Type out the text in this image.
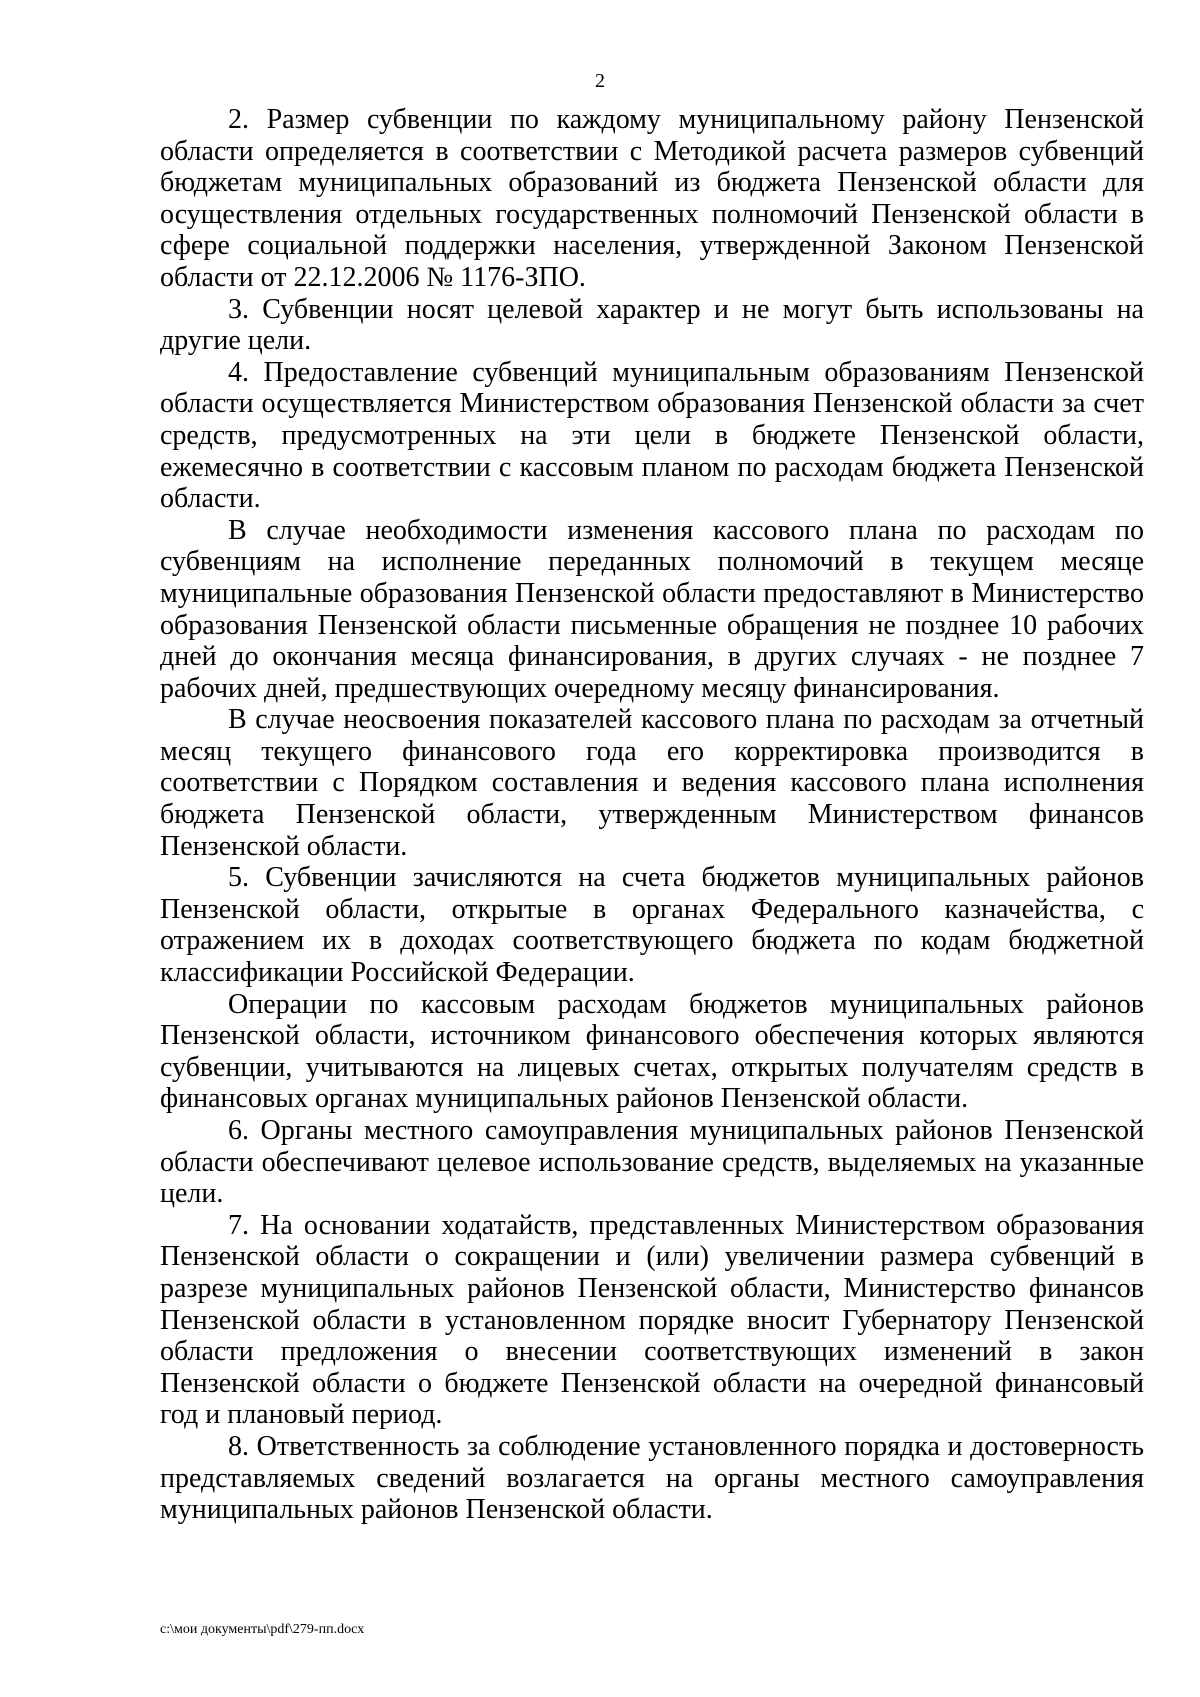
2

2. Размер субвенции по каждому муниципальному району Пензенской области определяется в соответствии с Методикой расчета размеров субвенций бюджетам муниципальных образований из бюджета Пензенской области для осуществления отдельных государственных полномочий Пензенской области в сфере социальной поддержки населения, утвержденной Законом Пензенской области от 22.12.2006 № 1176-ЗПО.

3. Субвенции носят целевой характер и не могут быть использованы на другие цели.

4. Предоставление субвенций муниципальным образованиям Пензенской области осуществляется Министерством образования Пензенской области за счет средств, предусмотренных на эти цели в бюджете Пензенской области, ежемесячно в соответствии с кассовым планом по расходам бюджета Пензенской области.

В случае необходимости изменения кассового плана по расходам по субвенциям на исполнение переданных полномочий в текущем месяце муниципальные образования Пензенской области предоставляют в Министерство образования Пензенской области письменные обращения не позднее 10 рабочих дней до окончания месяца финансирования, в других случаях - не позднее 7 рабочих дней, предшествующих очередному месяцу финансирования.

В случае неосвоения показателей кассового плана по расходам за отчетный месяц текущего финансового года его корректировка производится в соответствии с Порядком составления и ведения кассового плана исполнения бюджета Пензенской области, утвержденным Министерством финансов Пензенской области.

5. Субвенции зачисляются на счета бюджетов муниципальных районов Пензенской области, открытые в органах Федерального казначейства, с отражением их в доходах соответствующего бюджета по кодам бюджетной классификации Российской Федерации.

Операции по кассовым расходам бюджетов муниципальных районов Пензенской области, источником финансового обеспечения которых являются субвенции, учитываются на лицевых счетах, открытых получателям средств в финансовых органах муниципальных районов Пензенской области.

6. Органы местного самоуправления муниципальных районов Пензенской области обеспечивают целевое использование средств, выделяемых на указанные цели.

7. На основании ходатайств, представленных Министерством образования Пензенской области о сокращении и (или) увеличении размера субвенций в разрезе муниципальных районов Пензенской области, Министерство финансов Пензенской области в установленном порядке вносит Губернатору Пензенской области предложения о внесении соответствующих изменений в закон Пензенской области о бюджете Пензенской области на очередной финансовый год и плановый период.

8. Ответственность за соблюдение установленного порядка и достоверность представляемых сведений возлагается на органы местного самоуправления муниципальных районов Пензенской области.

c:\мои документы\pdf\279-пп.docx
